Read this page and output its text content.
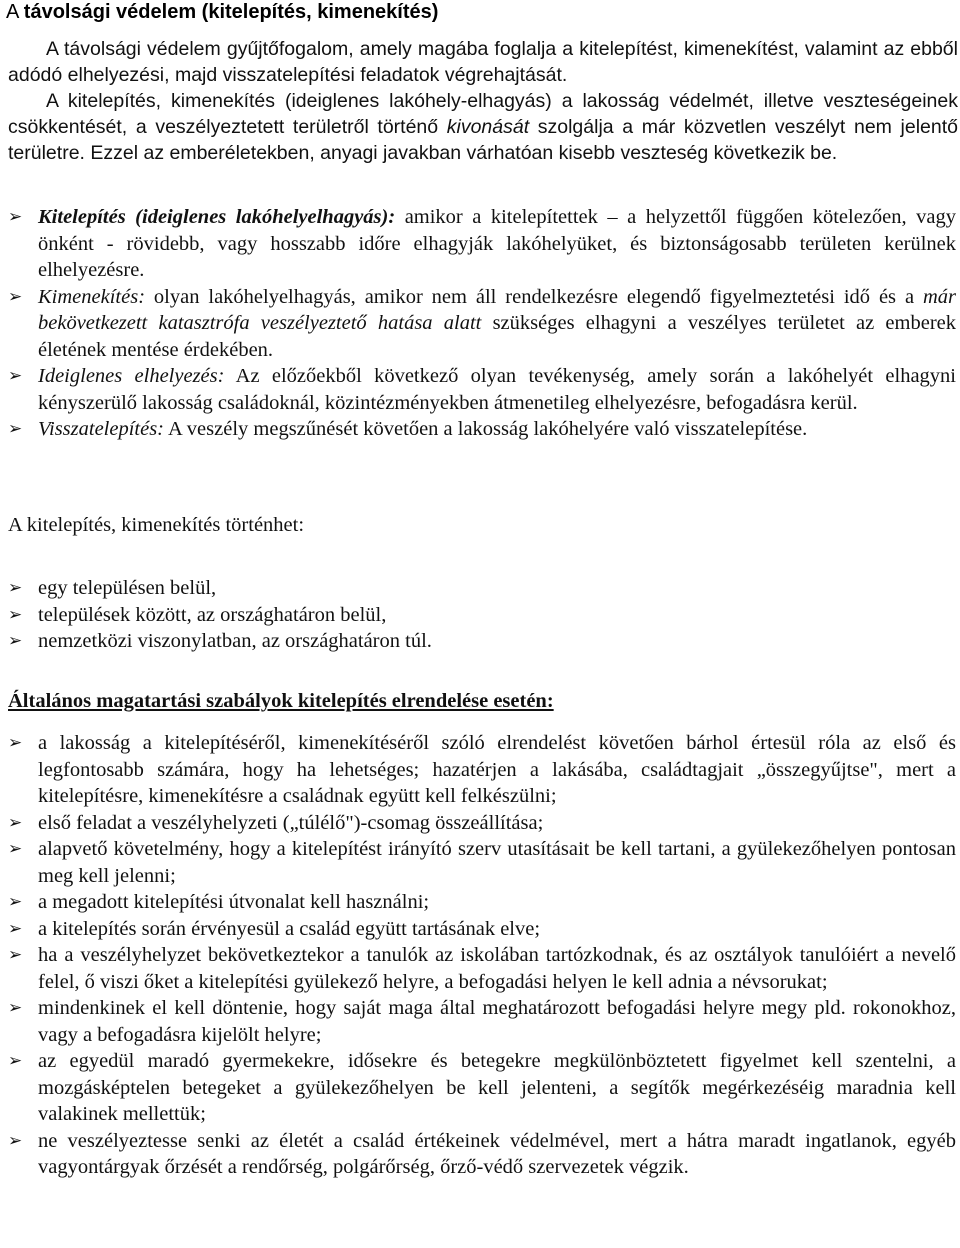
A távolsági védelem (kitelepítés, kimenekítés)
A távolsági védelem gyűjtőfogalom, amely magába foglalja a kitelepítést, kimenekítést, valamint az ebből adódó elhelyezési, majd visszatelepítési feladatok végrehajtását.
A kitelepítés, kimenekítés (ideiglenes lakóhely-elhagyás) a lakosság védelmét, illetve veszteségeinek csökkentését, a veszélyeztetett területről történő kivonását szolgálja a már közvetlen veszélyt nem jelentő területre. Ezzel az emberéletekben, anyagi javakban várhatóan kisebb veszteség következik be.
➢ Kitelepítés (ideiglenes lakóhelyelhagyás): amikor a kitelepítettek – a helyzettől függően kötelezően, vagy önként - rövidebb, vagy hosszabb időre elhagyják lakóhelyüket, és biztonságosabb területen kerülnek elhelyezésre.
➢ Kimenekítés: olyan lakóhelyelhagyás, amikor nem áll rendelkezésre elegendő figyelmeztetési idő és a már bekövetkezett katasztrófa veszélyeztető hatása alatt szükséges elhagyni a veszélyes területet az emberek életének mentése érdekében.
➢ Ideiglenes elhelyezés: Az előzőekből következő olyan tevékenység, amely során a lakóhelyét elhagyni kényszerülő lakosság családoknál, közintézményekben átmenetileg elhelyezésre, befogadásra kerül.
➢ Visszatelepítés: A veszély megszűnését követően a lakosság lakóhelyére való visszatelepítése.
A kitelepítés, kimenekítés történhet:
➢ egy településen belül,
➢ települések között, az országhatáron belül,
➢ nemzetközi viszonylatban, az országhatáron túl.
Általános magatartási szabályok kitelepítés elrendelése esetén:
➢ a lakosság a kitelepítéséről, kimenekítéséről szóló elrendelést követően bárhol értesül róla az első és legfontosabb számára, hogy ha lehetséges; hazatérjen a lakásába, családtagjait „összegyűjtse", mert a kitelepítésre, kimenekítésre a családnak együtt kell felkészülni;
➢ első feladat a veszélyhelyzeti („túlélő")-csomag összeállítása;
➢ alapvető követelmény, hogy a kitelepítést irányító szerv utasításait be kell tartani, a gyülekezőhelyen pontosan meg kell jelenni;
➢ a megadott kitelepítési útvonalat kell használni;
➢ a kitelepítés során érvényesül a család együtt tartásának elve;
➢ ha a veszélyhelyzet bekövetkeztekor a tanulók az iskolában tartózkodnak, és az osztályok tanulóiért a nevelő felel, ő viszi őket a kitelepítési gyülekező helyre, a befogadási helyen le kell adnia a névsorukat;
➢ mindenkinek el kell döntenie, hogy saját maga által meghatározott befogadási helyre megy pld. rokonokhoz, vagy a befogadásra kijelölt helyre;
➢ az egyedül maradó gyermekekre, idősekre és betegekre megkülönböztetett figyelmet kell szentelni, a mozgásképtelen betegeket a gyülekezőhelyen be kell jelenteni, a segítők megérkezéséig maradnia kell valakinek mellettük;
➢ ne veszélyeztesse senki az életét a család értékeinek védelmével, mert a hátra maradt ingatlanok, egyéb vagyontárgyak őrzését a rendőrség, polgárőrség, őrző-védő szervezetek végzik.
